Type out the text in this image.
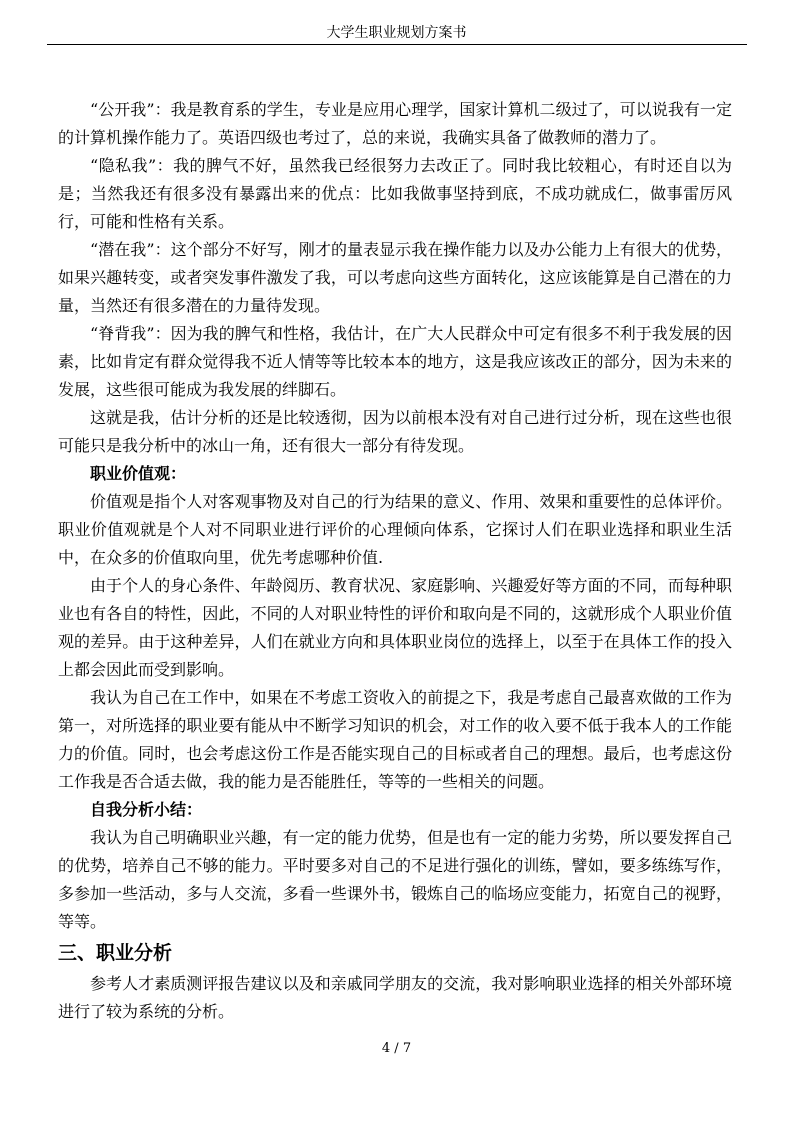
大学生职业规划方案书

“公开我”：我是教育系的学生，专业是应用心理学，国家计算机二级过了，可以说我有一定的计算机操作能力了。英语四级也考过了，总的来说，我确实具备了做教师的潜力了。

“隐私我”：我的脾气不好，虽然我已经很努力去改正了。同时我比较粗心，有时还自以为是；当然我还有很多没有暴露出来的优点：比如我做事坚持到底，不成功就成仁，做事雷厉风行，可能和性格有关系。

“潜在我”：这个部分不好写，刚才的量表显示我在操作能力以及办公能力上有很大的优势，如果兴趣转变，或者突发事件激发了我，可以考虑向这些方面转化，这应该能算是自己潜在的力量，当然还有很多潜在的力量待发现。

“脊背我”：因为我的脾气和性格，我估计，在广大人民群众中可定有很多不利于我发展的因素，比如肯定有群众觉得我不近人情等等比较本本的地方，这是我应该改正的部分，因为未来的发展，这些很可能成为我发展的绊脚石。

这就是我，估计分析的还是比较透彻，因为以前根本没有对自己进行过分析，现在这些也很可能只是我分析中的冰山一角，还有很大一部分有待发现。

职业价值观：

价值观是指个人对客观事物及对自己的行为结果的意义、作用、效果和重要性的总体评价。职业价值观就是个人对不同职业进行评价的心理倾向体系，它探讨人们在职业选择和职业生活中，在众多的价值取向里，优先考虑哪种价值.

由于个人的身心条件、年龄阅历、教育状况、家庭影响、兴趣爱好等方面的不同，而每种职业也有各自的特性，因此，不同的人对职业特性的评价和取向是不同的，这就形成个人职业价值观的差异。由于这种差异，人们在就业方向和具体职业岗位的选择上，以至于在具体工作的投入上都会因此而受到影响。

我认为自己在工作中，如果在不考虑工资收入的前提之下，我是考虑自己最喜欢做的工作为第一，对所选择的职业要有能从中不断学习知识的机会，对工作的收入要不低于我本人的工作能力的价值。同时，也会考虑这份工作是否能实现自己的目标或者自己的理想。最后，也考虑这份工作我是否合适去做，我的能力是否能胜任，等等的一些相关的问题。

自我分析小结：

我认为自己明确职业兴趣，有一定的能力优势，但是也有一定的能力劣势，所以要发挥自己的优势，培养自己不够的能力。平时要多对自己的不足进行强化的训练，譬如，要多练练写作，多参加一些活动，多与人交流，多看一些课外书，锻炼自己的临场应变能力，拓宽自己的视野，等等。

三、职业分析

参考人才素质测评报告建议以及和亲戚同学朋友的交流，我对影响职业选择的相关外部环境进行了较为系统的分析。

4 / 7
